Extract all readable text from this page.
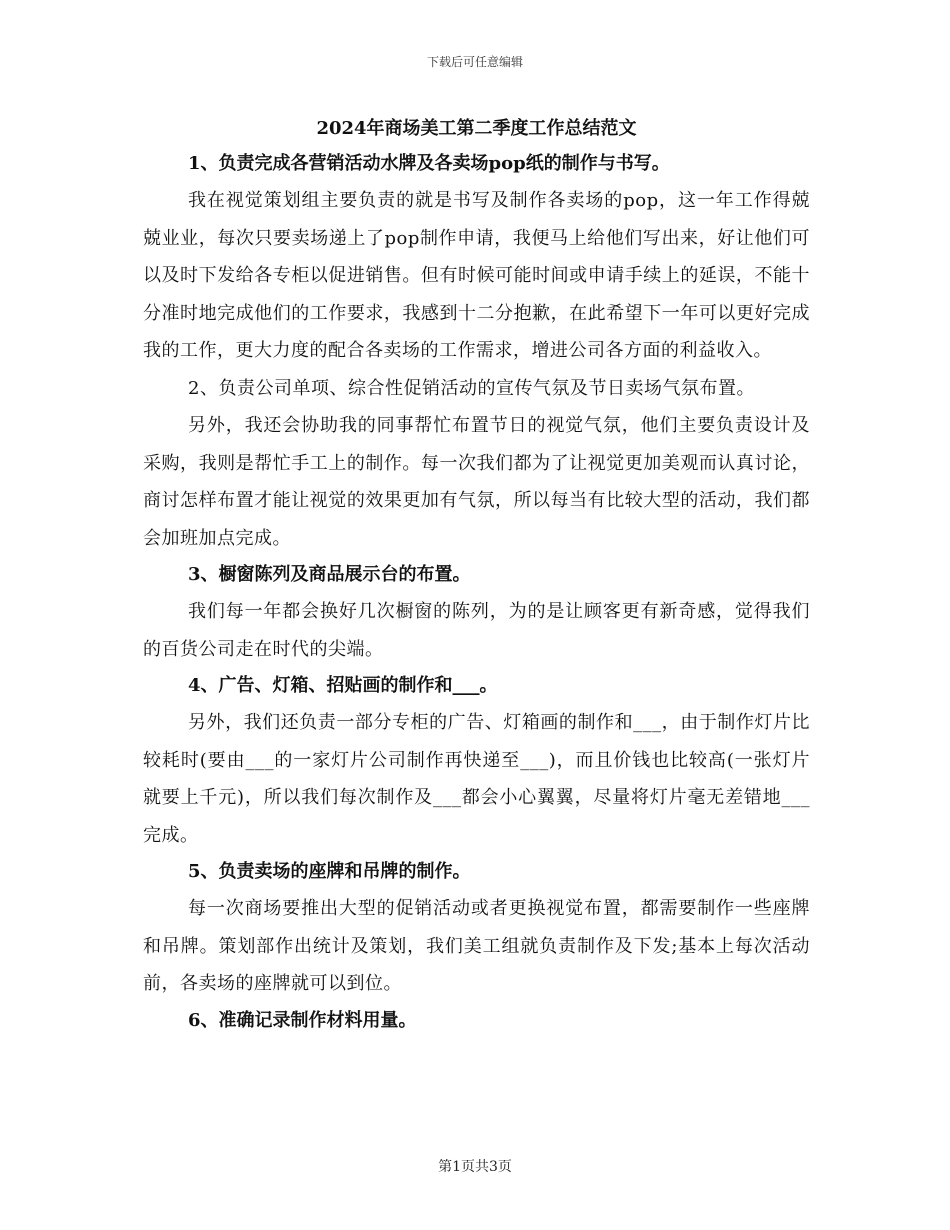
下载后可任意编辑

2024年商场美工第二季度工作总结范文

1、负责完成各营销活动水牌及各卖场pop纸的制作与书写。

我在视觉策划组主要负责的就是书写及制作各卖场的pop，这一年工作得兢兢业业，每次只要卖场递上了pop制作申请，我便马上给他们写出来，好让他们可以及时下发给各专柜以促进销售。但有时候可能时间或申请手续上的延误，不能十分准时地完成他们的工作要求，我感到十二分抱歉，在此希望下一年可以更好完成我的工作，更大力度的配合各卖场的工作需求，增进公司各方面的利益收入。

2、负责公司单项、综合性促销活动的宣传气氛及节日卖场气氛布置。

另外，我还会协助我的同事帮忙布置节日的视觉气氛，他们主要负责设计及采购，我则是帮忙手工上的制作。每一次我们都为了让视觉更加美观而认真讨论，商讨怎样布置才能让视觉的效果更加有气氛，所以每当有比较大型的活动，我们都会加班加点完成。

3、橱窗陈列及商品展示台的布置。

我们每一年都会换好几次橱窗的陈列，为的是让顾客更有新奇感，觉得我们的百货公司走在时代的尖端。

4、广告、灯箱、招贴画的制作和___。

另外，我们还负责一部分专柜的广告、灯箱画的制作和___，由于制作灯片比较耗时(要由___的一家灯片公司制作再快递至___)，而且价钱也比较高(一张灯片就要上千元)，所以我们每次制作及___都会小心翼翼，尽量将灯片毫无差错地___完成。

5、负责卖场的座牌和吊牌的制作。

每一次商场要推出大型的促销活动或者更换视觉布置，都需要制作一些座牌和吊牌。策划部作出统计及策划，我们美工组就负责制作及下发;基本上每次活动前，各卖场的座牌就可以到位。

6、准确记录制作材料用量。

第1页共3页
